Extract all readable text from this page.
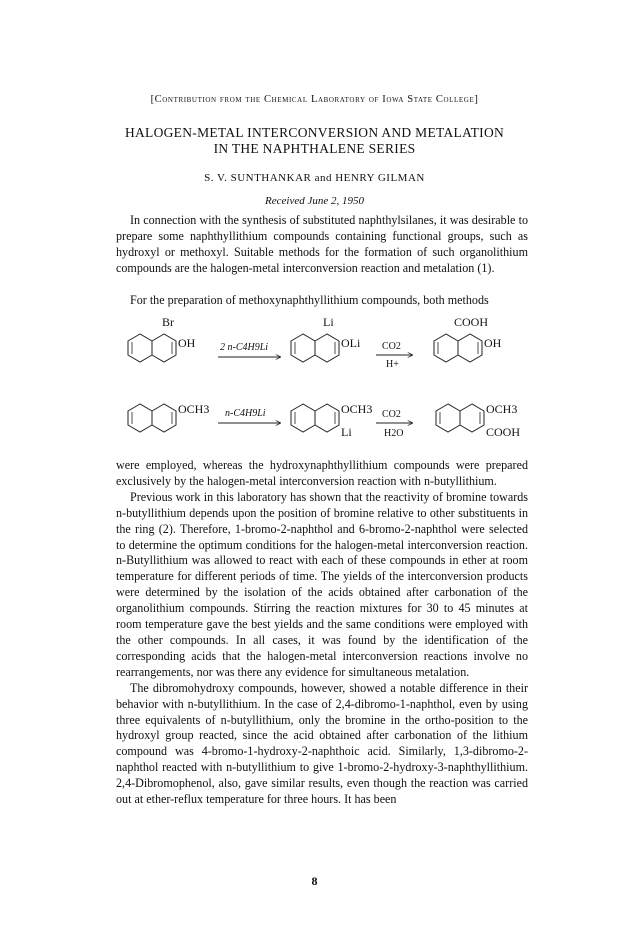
[Contribution from the Chemical Laboratory of Iowa State College]
HALOGEN-METAL INTERCONVERSION AND METALATION
IN THE NAPHTHALENE SERIES
S. V. SUNTHANKAR and HENRY GILMAN
Received June 2, 1950

In connection with the synthesis of substituted naphthylsilanes, it was desirable to prepare some naphthyllithium compounds containing functional groups, such as hydroxyl or methoxyl. Suitable methods for the formation of such organolithium compounds are the halogen-metal interconversion reaction and metalation (1).

For the preparation of methoxynaphthyllithium compounds, both methods

Br
OH 2 n-C4H9Li
Li
OLi CO2
H+
COOH
OH
OCH3 n-C4H9Li	OCH3
Li
CO2
H2O
OCH3
COOH

were employed, whereas the hydroxynaphthyllithium compounds were prepared exclusively by the halogen-metal interconversion reaction with n-butyllithium.

Previous work in this laboratory has shown that the reactivity of bromine towards n-butyllithium depends upon the position of bromine relative to other substituents in the ring (2). Therefore, 1-bromo-2-naphthol and 6-bromo-2-naphthol were selected to determine the optimum conditions for the halogen-metal interconversion reaction. n-Butyllithium was allowed to react with each of these compounds in ether at room temperature for different periods of time. The yields of the interconversion products were determined by the isolation of the acids obtained after carbonation of the organolithium compounds. Stirring the reaction mixtures for 30 to 45 minutes at room temperature gave the best yields and the same conditions were employed with the other compounds. In all cases, it was found by the identification of the corresponding acids that the halogen-metal interconversion reactions involve no rearrangements, nor was there any evidence for simultaneous metalation.

The dibromohydroxy compounds, however, showed a notable difference in their behavior with n-butyllithium. In the case of 2,4-dibromo-1-naphthol, even by using three equivalents of n-butyllithium, only the bromine in the ortho-position to the hydroxyl group reacted, since the acid obtained after carbonation of the lithium compound was 4-bromo-1-hydroxy-2-naphthoic acid. Similarly, 1,3-dibromo-2-naphthol reacted with n-butyllithium to give 1-bromo-2-hydroxy-3-naphthyllithium. 2,4-Dibromophenol, also, gave similar results, even though the reaction was carried out at ether-reflux temperature for three hours. It has been

8
